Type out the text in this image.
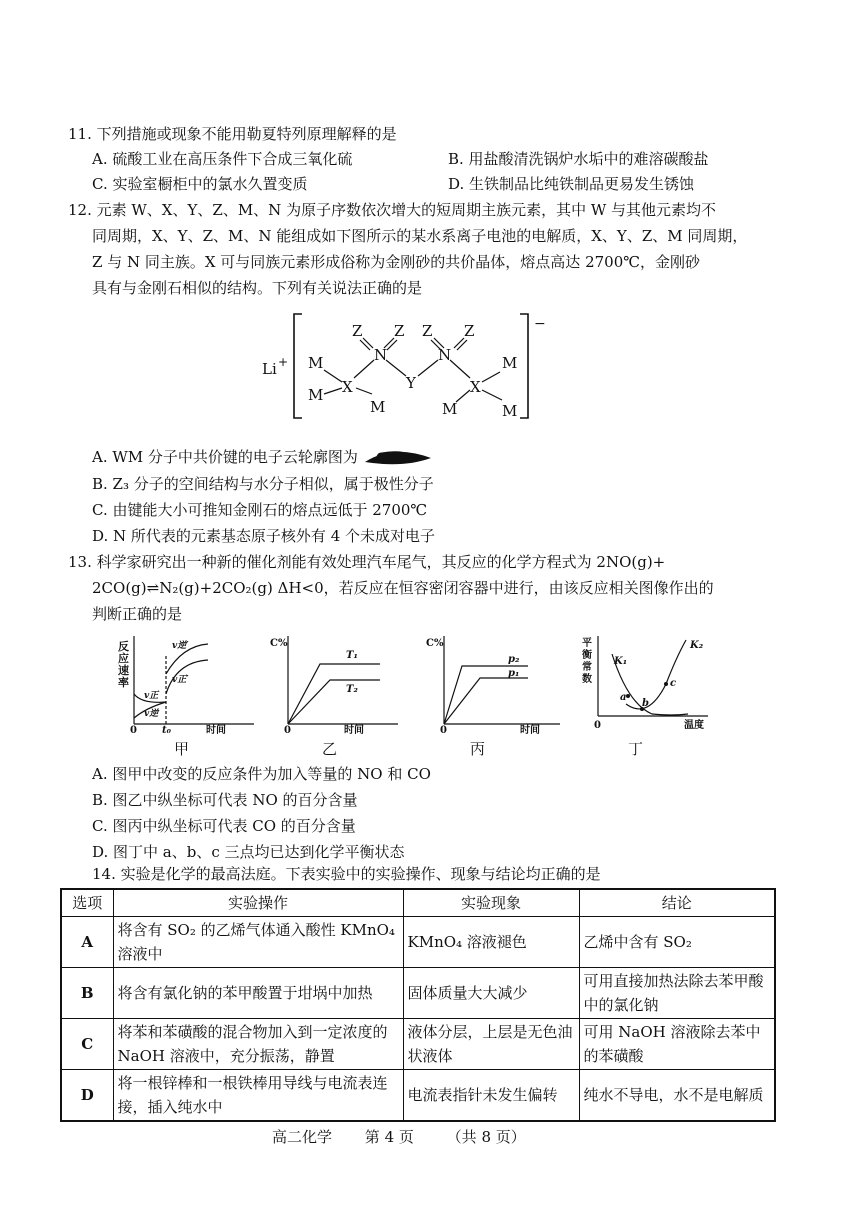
11. 下列措施或现象不能用勒夏特列原理解释的是
A. 硫酸工业在高压条件下合成三氧化硫	B. 用盐酸清洗锅炉水垢中的难溶碳酸盐
C. 实验室橱柜中的氯水久置变质	D. 生铁制品比纯铁制品更易发生锈蚀
12. 元素 W、X、Y、Z、M、N 为原子序数依次增大的短周期主族元素，其中 W 与其他元素均不
同周期，X、Y、Z、M、N 能组成如下图所示的某水系离子电池的电解质，X、Y、Z、M 同周期，
Z 与 N 同主族。X 可与同族元素形成俗称为金刚砂的共价晶体，熔点高达 2700℃，金刚砂
具有与金刚石相似的结构。下列有关说法正确的是
Li +
−
M
M X
M
Z
N
Z
Y
Z
N
Z
X
M
M	M
A. WM 分子中共价键的电子云轮廓图为
B. Z₃ 分子的空间结构与水分子相似，属于极性分子
C. 由键能大小可推知金刚石的熔点远低于 2700℃
D. N 所代表的元素基态原子核外有 4 个未成对电子
13. 科学家研究出一种新的催化剂能有效处理汽车尾气，其反应的化学方程式为 2NO(g)+
2CO(g)⇌N₂(g)+2CO₂(g) ΔH<0，若反应在恒容密闭容器中进行，由该反应相关图像作出的
判断正确的是
反
应
速
率
0	t₀	时间
v逆′
v正′
v正
v逆
C%
0	时间
T₁
T₂
C%
0	时间
p₂
p₁
平
衡
常
数
0	温度
K₁
K₂
a
b
c
甲	乙	丙	丁
A. 图甲中改变的反应条件为加入等量的 NO 和 CO
B. 图乙中纵坐标可代表 NO 的百分含量
C. 图丙中纵坐标可代表 CO 的百分含量
D. 图丁中 a、b、c 三点均已达到化学平衡状态
14. 实验是化学的最高法庭。下表实验中的实验操作、现象与结论均正确的是
选项	实验操作	实验现象	结论
A	将含有 SO₂ 的乙烯气体通入酸性 KMnO₄ 溶液中	KMnO₄ 溶液褪色	乙烯中含有 SO₂
B	将含有氯化钠的苯甲酸置于坩埚中加热	固体质量大大减少	可用直接加热法除去苯甲酸中的氯化钠
C	将苯和苯磺酸的混合物加入到一定浓度的 NaOH 溶液中，充分振荡，静置	液体分层，上层是无色油状液体	可用 NaOH 溶液除去苯中的苯磺酸
D	将一根锌棒和一根铁棒用导线与电流表连接，插入纯水中	电流表指针未发生偏转	纯水不导电，水不是电解质
高二化学 第 4 页 （共 8 页）
